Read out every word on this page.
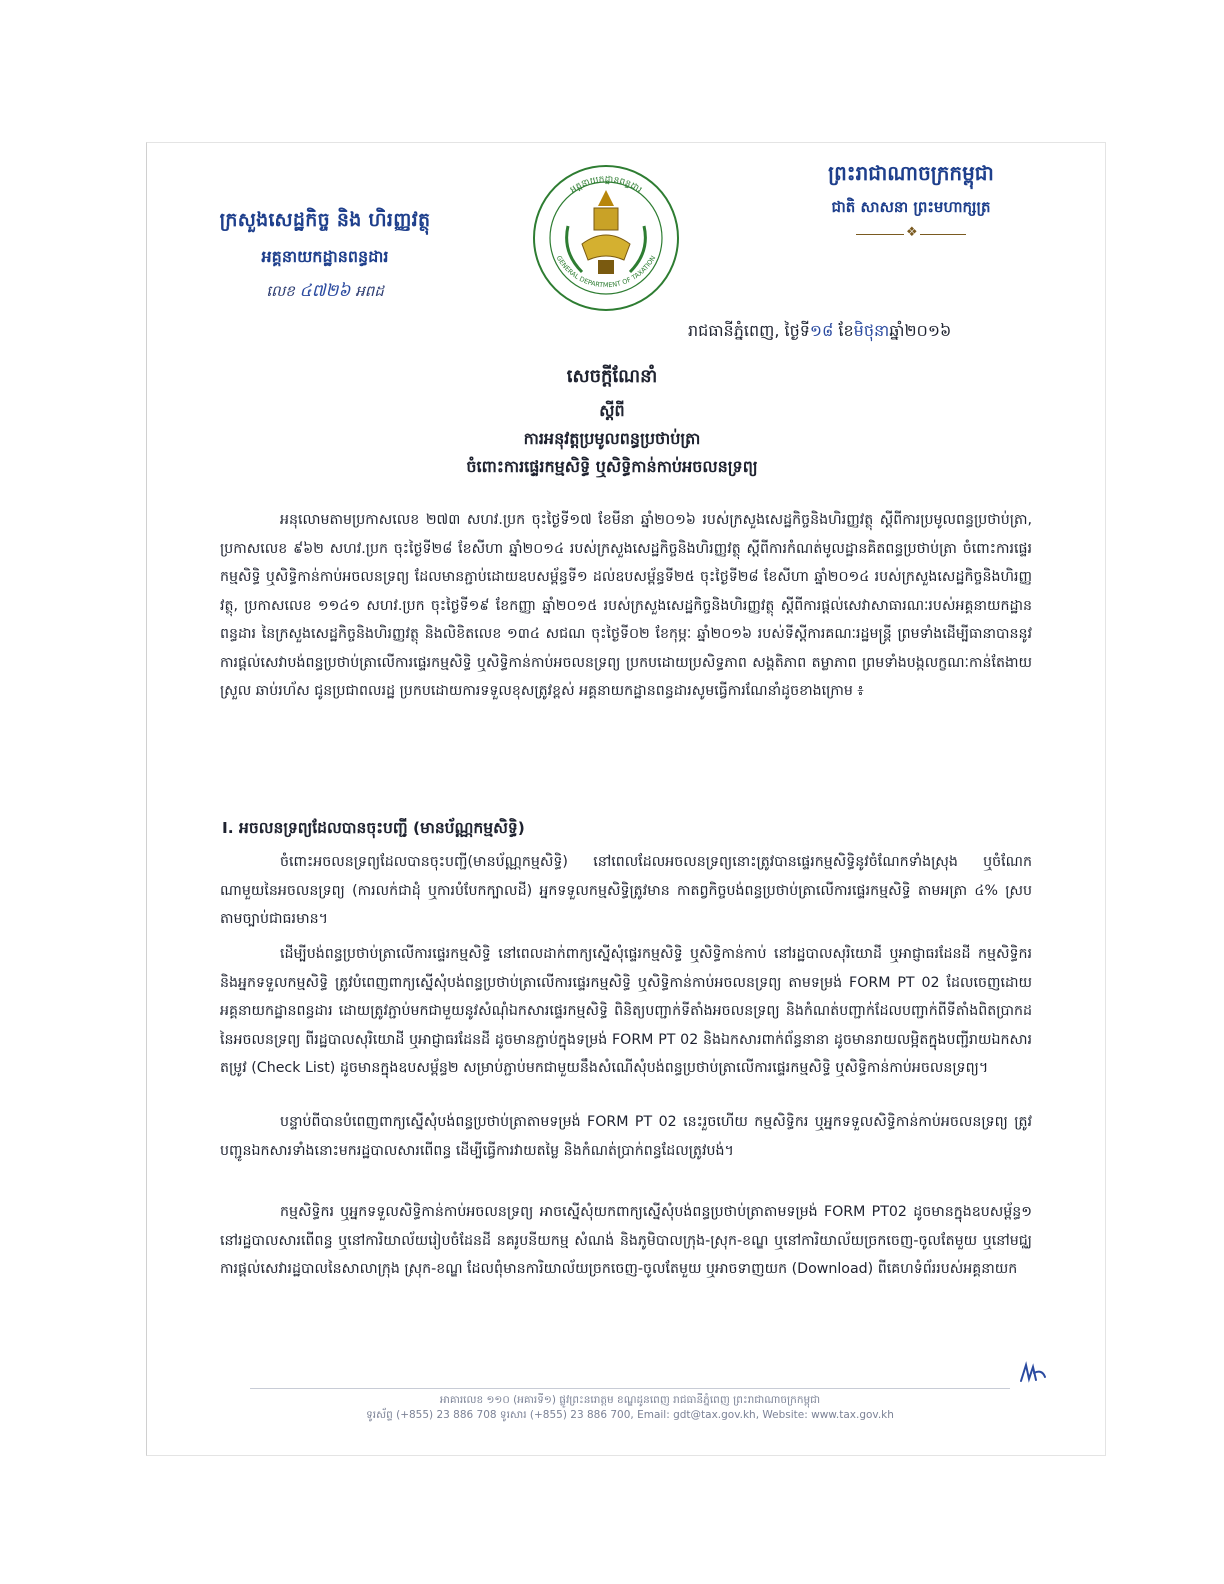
ក្រសួងសេដ្ឋកិច្ច និង ហិរញ្ញវត្ថុ
អគ្គនាយកដ្ឋានពន្ធដារ
លេខ ៤៧២៦ អពដ
អគ្គនាយកដ្ឋានពន្ធដារ
GENERAL DEPARTMENT OF TAXATION
ព្រះរាជាណាចក្រកម្ពុជា
ជាតិ សាសនា ព្រះមហាក្សត្រ
❖
រាជធានីភ្នំពេញ, ថ្ងៃទី១៨ ខែមិថុនាឆ្នាំ២០១៦
សេចក្តីណែនាំ
ស្តីពី
ការអនុវត្តប្រមូលពន្ធប្រថាប់ត្រា
ចំពោះការផ្ទេរកម្មសិទ្ធិ ឬសិទ្ធិកាន់កាប់អចលនទ្រព្យ

អនុលោមតាមប្រកាសលេខ ២៧៣ សហវ.ប្រក ចុះថ្ងៃទី១៧ ខែមីនា ឆ្នាំ២០១៦ របស់ក្រសួងសេដ្ឋកិច្ចនិងហិរញ្ញវត្ថុ ស្តីពីការប្រមូលពន្ធប្រថាប់ត្រា, ប្រកាសលេខ ៩៦២ សហវ.ប្រក ចុះថ្ងៃទី២៨ ខែសីហា ឆ្នាំ២០១៤ របស់ក្រសួងសេដ្ឋកិច្ចនិងហិរញ្ញវត្ថុ ស្តីពីការកំណត់មូលដ្ឋានគិតពន្ធប្រថាប់ត្រា ចំពោះការផ្ទេរកម្មសិទ្ធិ ឬសិទ្ធិកាន់កាប់អចលនទ្រព្យ ដែលមានភ្ជាប់ដោយឧបសម្ព័ន្ធទី១ ដល់ឧបសម្ព័ន្ធទី២៥ ចុះថ្ងៃទី២៨ ខែសីហា ឆ្នាំ២០១៤ របស់ក្រសួងសេដ្ឋកិច្ចនិងហិរញ្ញវត្ថុ, ប្រកាសលេខ ១១៤១ សហវ.ប្រក ចុះថ្ងៃទី១៩ ខែកញ្ញា ឆ្នាំ២០១៥ របស់ក្រសួងសេដ្ឋកិច្ចនិងហិរញ្ញវត្ថុ ស្តីពីការផ្តល់សេវាសាធារណៈរបស់អគ្គនាយកដ្ឋានពន្ធដារ នៃក្រសួងសេដ្ឋកិច្ចនិងហិរញ្ញវត្ថុ និងលិខិតលេខ ១៣៤ សជណ ចុះថ្ងៃទី០២ ខែកុម្ភៈ ឆ្នាំ២០១៦ របស់ទីស្តីការគណៈរដ្ឋមន្ត្រី ព្រមទាំងដើម្បីធានាបាននូវការផ្តល់សេវាបង់ពន្ធប្រថាប់ត្រាលើការផ្ទេរកម្មសិទ្ធិ ឬសិទ្ធិកាន់កាប់អចលនទ្រព្យ ប្រកបដោយប្រសិទ្ធភាព សង្គតិភាព តម្លាភាព ព្រមទាំងបង្កលក្ខណៈកាន់តែងាយស្រួល ឆាប់រហ័ស ជូនប្រជាពលរដ្ឋ ប្រកបដោយការទទួលខុសត្រូវខ្ពស់ អគ្គនាយកដ្ឋានពន្ធដារសូមធ្វើការណែនាំដូចខាងក្រោម ៖

I. អចលនទ្រព្យដែលបានចុះបញ្ជី (មានប័ណ្ណកម្មសិទ្ធិ)

ចំពោះអចលនទ្រព្យដែលបានចុះបញ្ជី(មានប័ណ្ណកម្មសិទ្ធិ) នៅពេលដែលអចលនទ្រព្យនោះត្រូវបានផ្ទេរកម្មសិទ្ធិនូវចំណែកទាំងស្រុង ឬចំណែកណាមួយនៃអចលនទ្រព្យ (ការលក់ជាដុំ ឬការបំបែកក្បាលដី) អ្នកទទួលកម្មសិទ្ធិត្រូវមាន កាតព្វកិច្ចបង់ពន្ធប្រថាប់ត្រាលើការផ្ទេរកម្មសិទ្ធិ តាមអត្រា ៤% ស្របតាមច្បាប់ជាធរមាន។

ដើម្បីបង់ពន្ធប្រថាប់ត្រាលើការផ្ទេរកម្មសិទ្ធិ នៅពេលដាក់ពាក្យស្នើសុំផ្ទេរកម្មសិទ្ធិ ឬសិទ្ធិកាន់កាប់ នៅរដ្ឋបាលសុរិយោដី ឬអាជ្ញាធរដែនដី កម្មសិទ្ធិករ និងអ្នកទទួលកម្មសិទ្ធិ ត្រូវបំពេញពាក្យស្នើសុំបង់ពន្ធប្រថាប់ត្រាលើការផ្ទេរកម្មសិទ្ធិ ឬសិទ្ធិកាន់កាប់អចលនទ្រព្យ តាមទម្រង់ FORM PT 02 ដែលចេញដោយអគ្គនាយកដ្ឋានពន្ធដារ ដោយត្រូវភ្ជាប់មកជាមួយនូវសំណុំឯកសារផ្ទេរកម្មសិទ្ធិ ពិនិត្យបញ្ជាក់ទីតាំងអចលនទ្រព្យ និងកំណត់បញ្ជាក់ដែលបញ្ជាក់ពីទីតាំងពិតប្រាកដនៃអចលនទ្រព្យ ពីរដ្ឋបាលសុរិយោដី ឬអាជ្ញាធរដែនដី ដូចមានភ្ជាប់ក្នុងទម្រង់ FORM PT 02 និងឯកសារពាក់ព័ន្ធនានា ដូចមានរាយលម្អិតក្នុងបញ្ជីរាយឯកសារតម្រូវ (Check List) ដូចមានក្នុងឧបសម្ព័ន្ធ២ សម្រាប់ភ្ជាប់មកជាមួយនឹងសំណើសុំបង់ពន្ធប្រថាប់ត្រាលើការផ្ទេរកម្មសិទ្ធិ ឬសិទ្ធិកាន់កាប់អចលនទ្រព្យ។

បន្ទាប់ពីបានបំពេញពាក្យស្នើសុំបង់ពន្ធប្រថាប់ត្រាតាមទម្រង់ FORM PT 02 នេះរួចហើយ កម្មសិទ្ធិករ ឬអ្នកទទួលសិទ្ធិកាន់កាប់អចលនទ្រព្យ ត្រូវបញ្ជូនឯកសារទាំងនោះមករដ្ឋបាលសារពើពន្ធ ដើម្បីធ្វើការវាយតម្លៃ និងកំណត់ប្រាក់ពន្ធដែលត្រូវបង់។

កម្មសិទ្ធិករ ឬអ្នកទទួលសិទ្ធិកាន់កាប់អចលនទ្រព្យ អាចស្នើសុំយកពាក្យស្នើសុំបង់ពន្ធប្រថាប់ត្រាតាមទម្រង់ FORM PT02 ដូចមានក្នុងឧបសម្ព័ន្ធ១ នៅរដ្ឋបាលសារពើពន្ធ ឬនៅការិយាល័យរៀបចំដែនដី នគរូបនីយកម្ម សំណង់ និងភូមិបាលក្រុង-ស្រុក-ខណ្ឌ ឬនៅការិយាល័យច្រកចេញ-ចូលតែមួយ ឬនៅមជ្ឈការផ្តល់សេវារដ្ឋបាលនៃសាលាក្រុង ស្រុក-ខណ្ឌ ដែលពុំមានការិយាល័យច្រកចេញ-ចូលតែមួយ ឬអាចទាញយក (Download) ពីគេហទំព័ររបស់អគ្គនាយក

អាគារលេខ ១១០ (អគារទី១) ផ្លូវព្រះនរោត្តម ខណ្ឌដូនពេញ រាជធានីភ្នំពេញ ព្រះរាជាណាចក្រកម្ពុជា
ទូរស័ព្ទ (+855) 23 886 708 ទូរសារ (+855) 23 886 700, Email: gdt@tax.gov.kh, Website: www.tax.gov.kh
